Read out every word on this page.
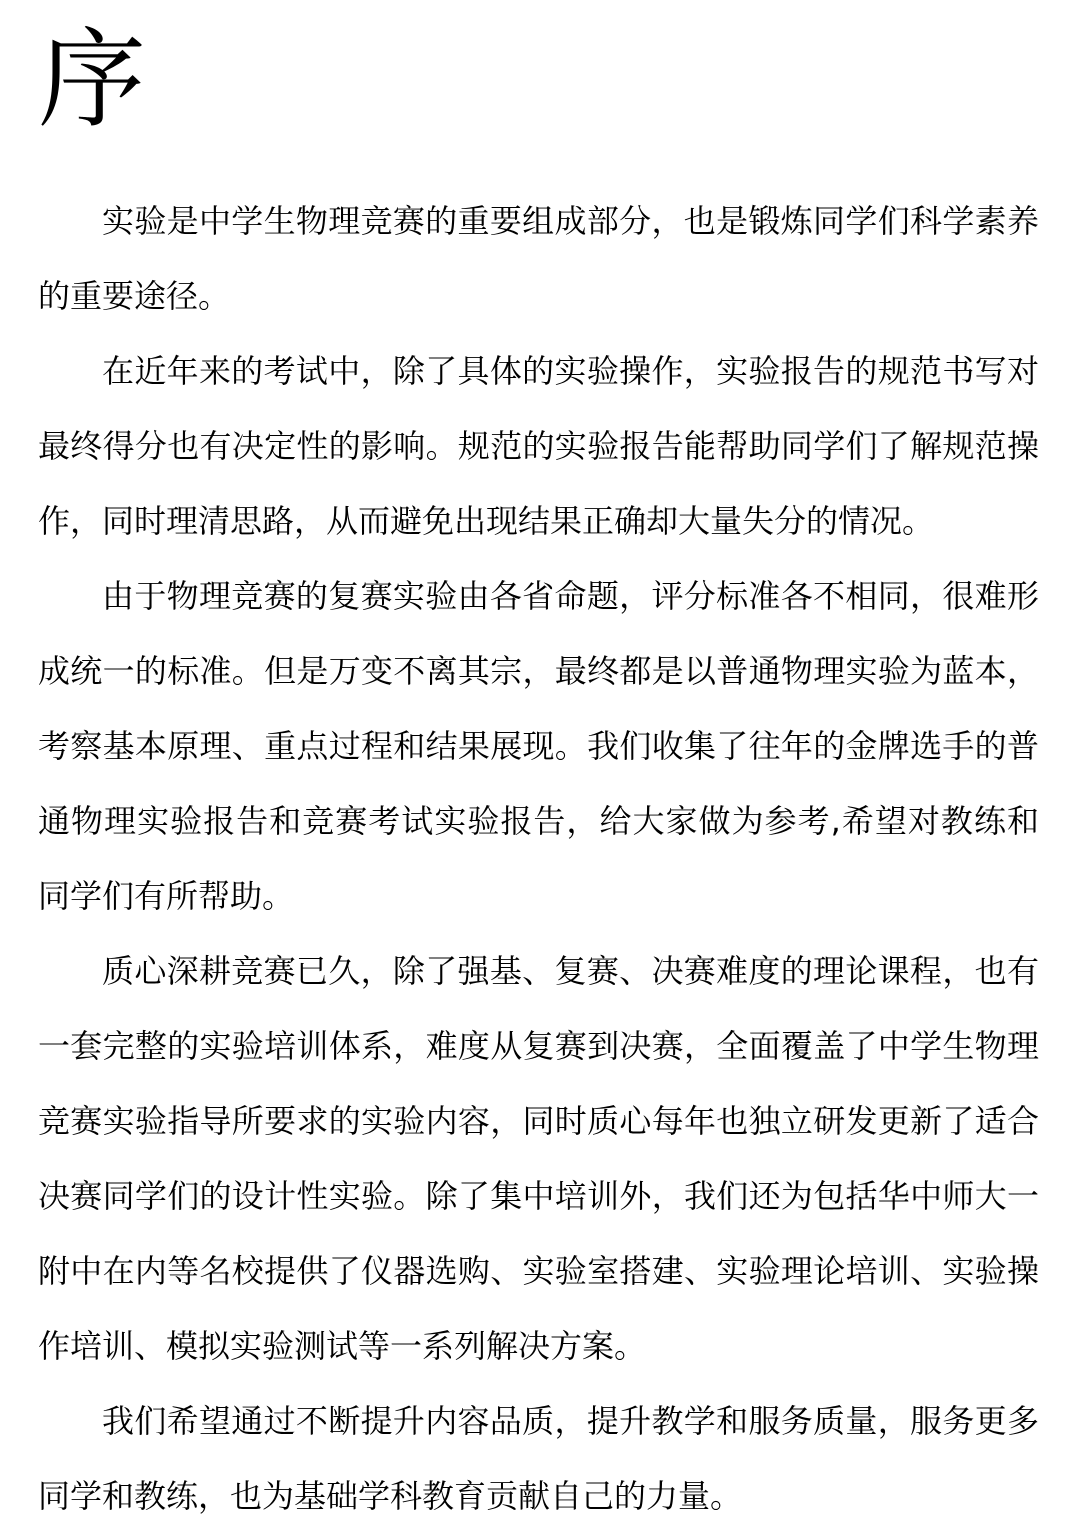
序

实验是中学生物理竞赛的重要组成部分，也是锻炼同学们科学素养的重要途径。

在近年来的考试中，除了具体的实验操作，实验报告的规范书写对最终得分也有决定性的影响。规范的实验报告能帮助同学们了解规范操作，同时理清思路，从而避免出现结果正确却大量失分的情况。

由于物理竞赛的复赛实验由各省命题，评分标准各不相同，很难形成统一的标准。但是万变不离其宗，最终都是以普通物理实验为蓝本，考察基本原理、重点过程和结果展现。我们收集了往年的金牌选手的普通物理实验报告和竞赛考试实验报告，给大家做为参考,希望对教练和同学们有所帮助。

质心深耕竞赛已久，除了强基、复赛、决赛难度的理论课程，也有一套完整的实验培训体系，难度从复赛到决赛，全面覆盖了中学生物理竞赛实验指导所要求的实验内容，同时质心每年也独立研发更新了适合决赛同学们的设计性实验。除了集中培训外，我们还为包括华中师大一附中在内等名校提供了仪器选购、实验室搭建、实验理论培训、实验操作培训、模拟实验测试等一系列解决方案。

我们希望通过不断提升内容品质，提升教学和服务质量，服务更多同学和教练，也为基础学科教育贡献自己的力量。
